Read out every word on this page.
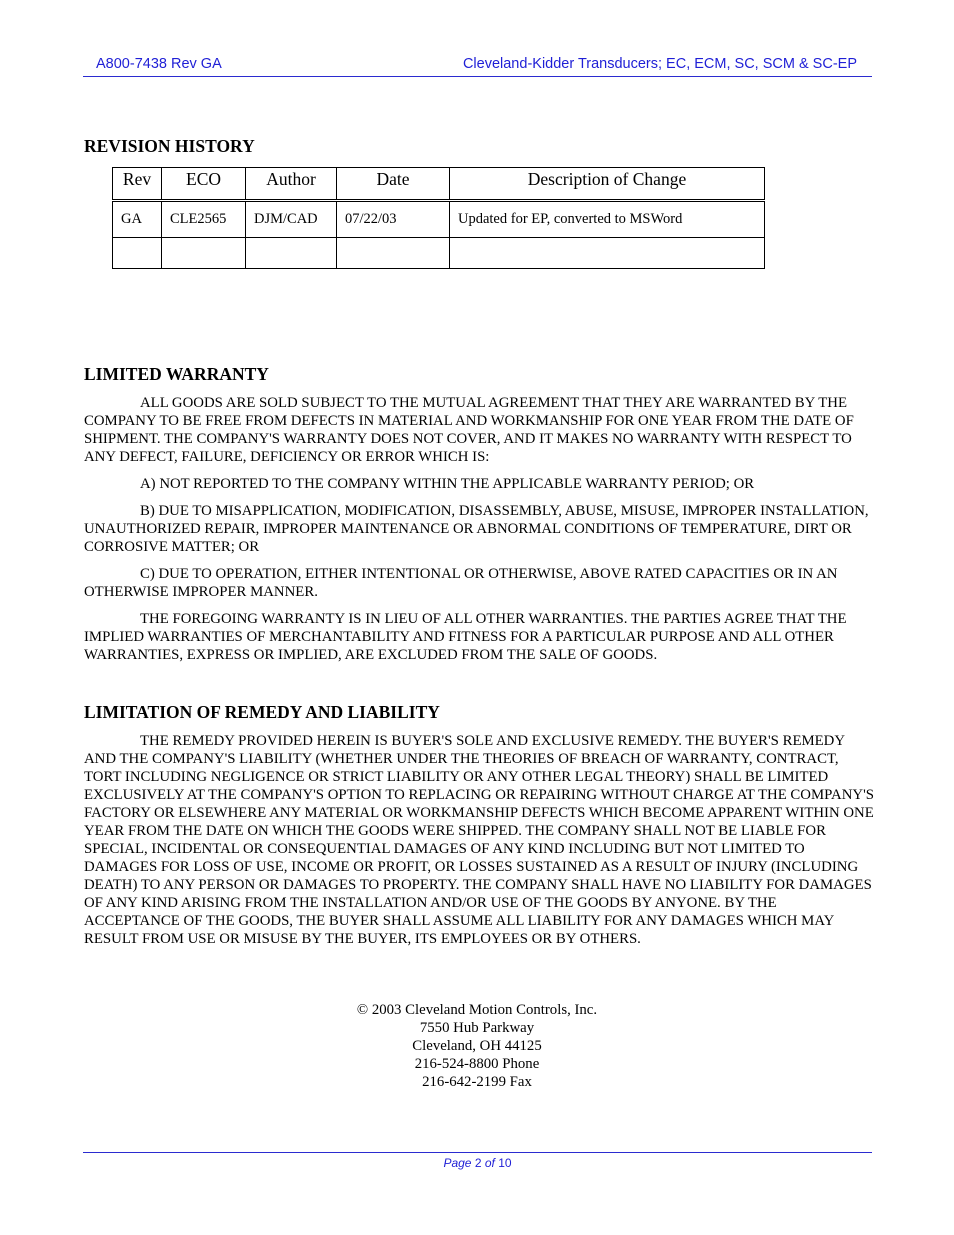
A800-7438 Rev GA	Cleveland-Kidder Transducers; EC, ECM, SC, SCM & SC-EP
REVISION HISTORY
Rev	ECO	Author	Date	Description of Change
GA	CLE2565	DJM/CAD	07/22/03	Updated for EP, converted to MSWord

LIMITED WARRANTY

ALL GOODS ARE SOLD SUBJECT TO THE MUTUAL AGREEMENT THAT THEY ARE WARRANTED BY THE COMPANY TO BE FREE FROM DEFECTS IN MATERIAL AND WORKMANSHIP FOR ONE YEAR FROM THE DATE OF SHIPMENT. THE COMPANY'S WARRANTY DOES NOT COVER, AND IT MAKES NO WARRANTY WITH RESPECT TO ANY DEFECT, FAILURE, DEFICIENCY OR ERROR WHICH IS:

A) NOT REPORTED TO THE COMPANY WITHIN THE APPLICABLE WARRANTY PERIOD; OR

B) DUE TO MISAPPLICATION, MODIFICATION, DISASSEMBLY, ABUSE, MISUSE, IMPROPER INSTALLATION, UNAUTHORIZED REPAIR, IMPROPER MAINTENANCE OR ABNORMAL CONDITIONS OF TEMPERATURE, DIRT OR CORROSIVE MATTER; OR

C) DUE TO OPERATION, EITHER INTENTIONAL OR OTHERWISE, ABOVE RATED CAPACITIES OR IN AN OTHERWISE IMPROPER MANNER.

THE FOREGOING WARRANTY IS IN LIEU OF ALL OTHER WARRANTIES. THE PARTIES AGREE THAT THE IMPLIED WARRANTIES OF MERCHANTABILITY AND FITNESS FOR A PARTICULAR PURPOSE AND ALL OTHER WARRANTIES, EXPRESS OR IMPLIED, ARE EXCLUDED FROM THE SALE OF GOODS.

LIMITATION OF REMEDY AND LIABILITY

THE REMEDY PROVIDED HEREIN IS BUYER'S SOLE AND EXCLUSIVE REMEDY. THE BUYER'S REMEDY AND THE COMPANY'S LIABILITY (WHETHER UNDER THE THEORIES OF BREACH OF WARRANTY, CONTRACT, TORT INCLUDING NEGLIGENCE OR STRICT LIABILITY OR ANY OTHER LEGAL THEORY) SHALL BE LIMITED EXCLUSIVELY AT THE COMPANY'S OPTION TO REPLACING OR REPAIRING WITHOUT CHARGE AT THE COMPANY'S FACTORY OR ELSEWHERE ANY MATERIAL OR WORKMANSHIP DEFECTS WHICH BECOME APPARENT WITHIN ONE YEAR FROM THE DATE ON WHICH THE GOODS WERE SHIPPED. THE COMPANY SHALL NOT BE LIABLE FOR SPECIAL, INCIDENTAL OR CONSEQUENTIAL DAMAGES OF ANY KIND INCLUDING BUT NOT LIMITED TO DAMAGES FOR LOSS OF USE, INCOME OR PROFIT, OR LOSSES SUSTAINED AS A RESULT OF INJURY (INCLUDING DEATH) TO ANY PERSON OR DAMAGES TO PROPERTY. THE COMPANY SHALL HAVE NO LIABILITY FOR DAMAGES OF ANY KIND ARISING FROM THE INSTALLATION AND/OR USE OF THE GOODS BY ANYONE. BY THE ACCEPTANCE OF THE GOODS, THE BUYER SHALL ASSUME ALL LIABILITY FOR ANY DAMAGES WHICH MAY RESULT FROM USE OR MISUSE BY THE BUYER, ITS EMPLOYEES OR BY OTHERS.

© 2003 Cleveland Motion Controls, Inc.
7550 Hub Parkway
Cleveland, OH 44125
216-524-8800 Phone
216-642-2199 Fax
Page 2 of 10
